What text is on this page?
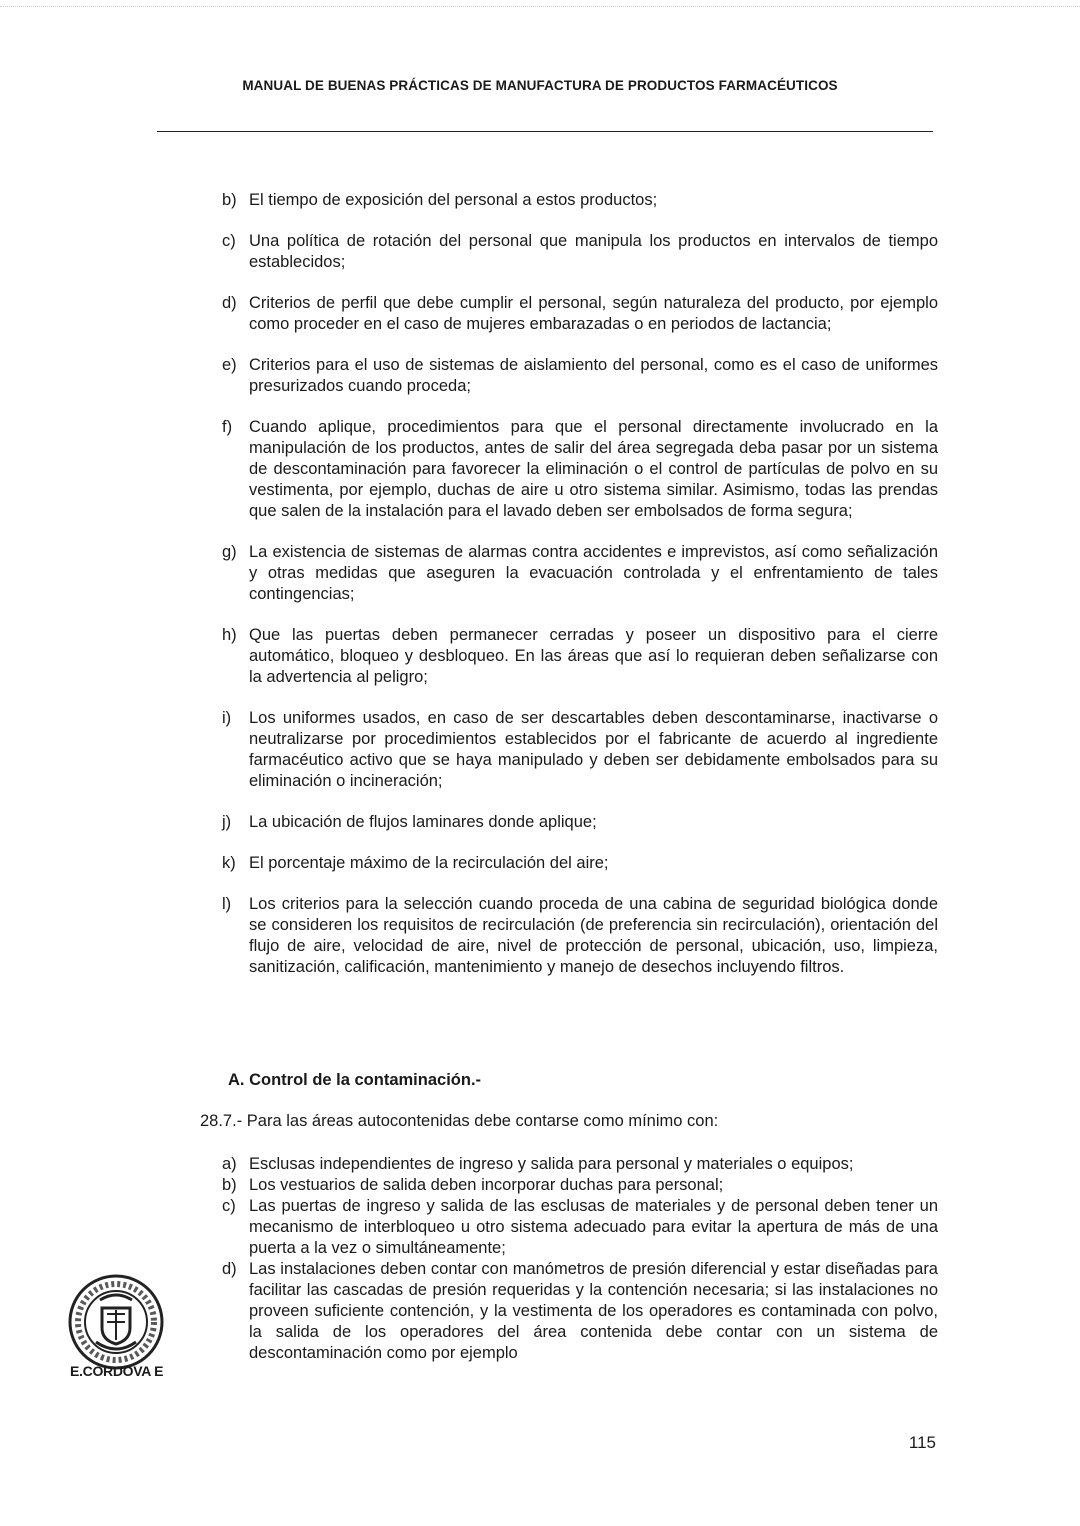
MANUAL DE BUENAS PRÁCTICAS DE MANUFACTURA DE PRODUCTOS FARMACÉUTICOS
b) El tiempo de exposición del personal a estos productos;
c) Una política de rotación del personal que manipula los productos en intervalos de tiempo establecidos;
d) Criterios de perfil que debe cumplir el personal, según naturaleza del producto, por ejemplo como proceder en el caso de mujeres embarazadas o en periodos de lactancia;
e) Criterios para el uso de sistemas de aislamiento del personal, como es el caso de uniformes presurizados cuando proceda;
f)	Cuando aplique, procedimientos para que el personal directamente involucrado en la manipulación de los productos, antes de salir del área segregada deba pasar por un sistema de descontaminación para favorecer la eliminación o el control de partículas de polvo en su vestimenta, por ejemplo, duchas de aire u otro sistema similar. Asimismo, todas las prendas que salen de la instalación para el lavado deben ser embolsados de forma segura;
g) La existencia de sistemas de alarmas contra accidentes e imprevistos, así como señalización y otras medidas que aseguren la evacuación controlada y el enfrentamiento de tales contingencias;
h) Que las puertas deben permanecer cerradas y poseer un dispositivo para el cierre automático, bloqueo y desbloqueo. En las áreas que así lo requieran deben señalizarse con la advertencia al peligro;
i)	Los uniformes usados, en caso de ser descartables deben descontaminarse, inactivarse o neutralizarse por procedimientos establecidos por el fabricante de acuerdo al ingrediente farmacéutico activo que se haya manipulado y deben ser debidamente embolsados para su eliminación o incineración;
j)	La ubicación de flujos laminares donde aplique;
k) El porcentaje máximo de la recirculación del aire;
l)	Los criterios para la selección cuando proceda de una cabina de seguridad biológica donde se consideren los requisitos de recirculación (de preferencia sin recirculación), orientación del flujo de aire, velocidad de aire, nivel de protección de personal, ubicación, uso, limpieza, sanitización, calificación, mantenimiento y manejo de desechos incluyendo filtros.
A. Control de la contaminación.-
28.7.- Para las áreas autocontenidas debe contarse como mínimo con:
a) Esclusas independientes de ingreso y salida para personal y materiales o equipos;
b) Los vestuarios de salida deben incorporar duchas para personal;
c) Las puertas de ingreso y salida de las esclusas de materiales y de personal deben tener un mecanismo de interbloqueo u otro sistema adecuado para evitar la apertura de más de una puerta a la vez o simultáneamente;
d) Las instalaciones deben contar con manómetros de presión diferencial y estar diseñadas para facilitar las cascadas de presión requeridas y la contención necesaria; si las instalaciones no proveen suficiente contención, y la vestimenta de los operadores es contaminada con polvo, la salida de los operadores del área contenida debe contar con un sistema de descontaminación como por ejemplo
E.CÓRDOVA E
115
